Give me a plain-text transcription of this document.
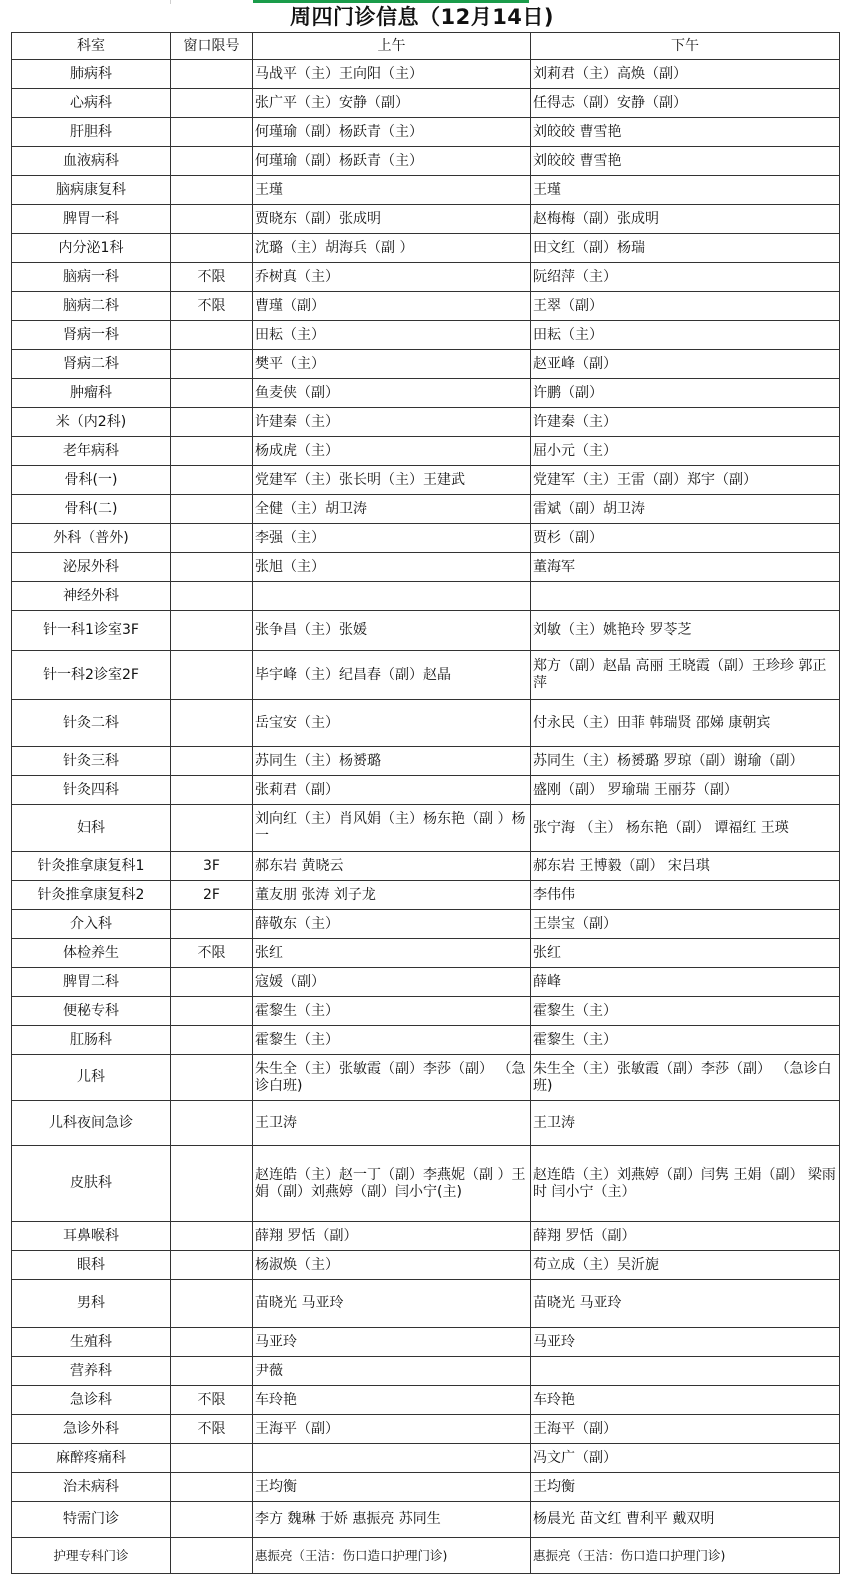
周四门诊信息（12月14日)
科室	窗口限号	上午	下午
肺病科		马战平（主）王向阳（主）	刘莉君（主）高焕（副）
心病科		张广平（主）安静（副）	任得志（副）安静（副）
肝胆科		何瑾瑜（副）杨跃青（主）	刘皎皎 曹雪艳
血液病科		何瑾瑜（副）杨跃青（主）	刘皎皎 曹雪艳
脑病康复科		王瑾	王瑾
脾胃一科		贾晓东（副）张成明	赵梅梅（副）张成明
内分泌1科		沈璐（主）胡海兵（副 ）	田文红（副）杨瑞
脑病一科	不限	乔树真（主）	阮绍萍（主）
脑病二科	不限	曹瑾（副）	王翠（副）
肾病一科		田耘（主）	田耘（主）
肾病二科		樊平（主）	赵亚峰（副）
肿瘤科		鱼麦侠（副）	许鹏（副）
米（内2科)		许建秦（主）	许建秦（主）
老年病科		杨成虎（主）	屈小元（主）
骨科(一)		党建军（主）张长明（主）王建武	党建军（主）王雷（副）郑宇（副）
骨科(二)		全健（主）胡卫涛	雷斌（副）胡卫涛
外科（普外)		李强（主）	贾杉（副）
泌尿外科		张旭（主）	董海军
神经外科			
针一科1诊室3F		张争昌（主）张媛	刘敏（主）姚艳玲 罗苓芝
针一科2诊室2F		毕宇峰（主）纪昌春（副）赵晶	郑方（副）赵晶 高丽 王晓霞（副）王珍珍 郭正萍
针灸二科		岳宝安（主）	付永民（主）田菲 韩瑞贤 邵娣 康朝宾
针灸三科		苏同生（主）杨赟璐	苏同生（主）杨赟璐 罗琼（副）谢瑜（副）
针灸四科		张莉君（副）	盛刚（副） 罗瑜瑞 王丽芬（副）
妇科		刘向红（主）肖风娟（主）杨东艳（副 ）杨一	张宁海 （主） 杨东艳（副） 谭福红 王瑛
针灸推拿康复科1	3F	郝东岩 黄晓云	郝东岩 王博毅（副） 宋吕琪
针灸推拿康复科2	2F	董友朋 张涛 刘子龙	李伟伟
介入科		薛敬东（主）	王崇宝（副）
体检养生	不限	张红	张红
脾胃二科		寇媛（副）	薛峰
便秘专科		霍黎生（主）	霍黎生（主）
肛肠科		霍黎生（主）	霍黎生（主）
儿科		朱生全（主）张敏霞（副）李莎（副） （急诊白班)	朱生全（主）张敏霞（副）李莎（副） （急诊白班)
儿科夜间急诊		王卫涛	王卫涛
皮肤科		赵连皓（主）赵一丁（副）李燕妮（副 ）王娟（副）刘燕婷（副）闫小宁(主)	赵连皓（主）刘燕婷（副）闫隽 王娟（副） 梁雨时 闫小宁（主）
耳鼻喉科		薛翔 罗恬（副）	薛翔 罗恬（副）
眼科		杨淑焕（主）	苟立成（主）吴沂旎
男科		苗晓光 马亚玲	苗晓光 马亚玲
生殖科		马亚玲	马亚玲
营养科		尹薇	
急诊科	不限	车玲艳	车玲艳
急诊外科	不限	王海平（副）	王海平（副）
麻醉疼痛科			冯文广（副）
治未病科		王均衡	王均衡
特需门诊		李方 魏琳 于娇 惠振亮 苏同生	杨晨光 苗文红 曹利平 戴双明
护理专科门诊		惠振亮（王洁：伤口造口护理门诊)	惠振亮（王洁：伤口造口护理门诊)
